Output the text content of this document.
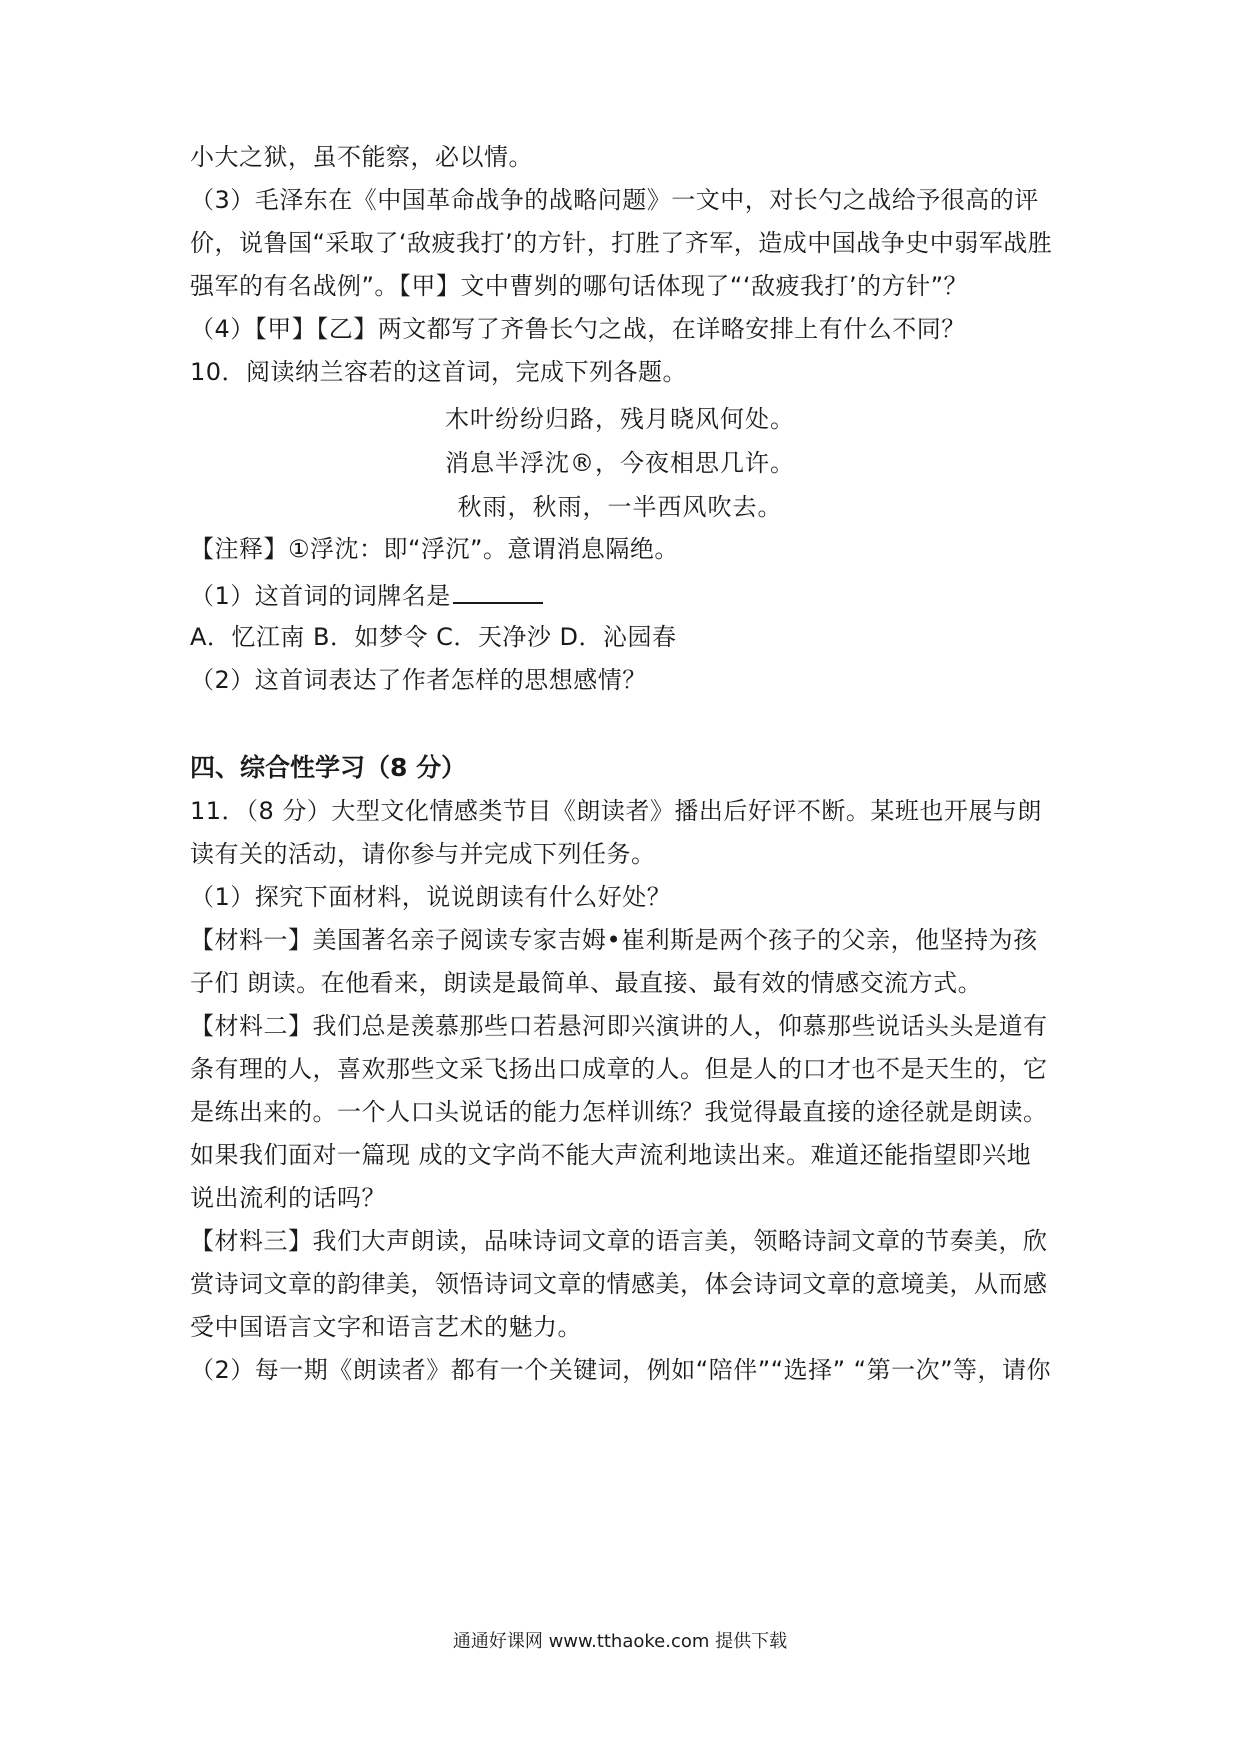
小大之狱，虽不能察，必以情。
（3）毛泽东在《中国革命战争的战略问题》一文中，对长勺之战给予很高的评
价，说鲁国“采取了‘敌疲我打’的方针，打胜了齐军，造成中国战争史中弱军战胜
强军的有名战例”。【甲】文中曹刿的哪句话体现了“‘敌疲我打’的方针”？
（4）【甲】【乙】两文都写了齐鲁长勺之战，在详略安排上有什么不同？
10．阅读纳兰容若的这首词，完成下列各题。
木叶纷纷归路，残月晓风何处。
消息半浮沈®，今夜相思几许。
秋雨，秋雨，一半西风吹去。
【注释】①浮沈：即“浮沉”。意谓消息隔绝。
（1）这首词的词牌名是
A．忆江南 B．如梦令 C．天净沙 D．沁园春
（2）这首词表达了作者怎样的思想感情？
四、综合性学习（8 分）
11．（8 分）大型文化情感类节目《朗读者》播出后好评不断。某班也开展与朗
读有关的活动，请你参与并完成下列任务。
（1）探究下面材料，说说朗读有什么好处？
【材料一】美国著名亲子阅读专家吉姆•崔利斯是两个孩子的父亲，他坚持为孩
子们 朗读。在他看来，朗读是最简单、最直接、最有效的情感交流方式。
【材料二】我们总是羡慕那些口若悬河即兴演讲的人，仰慕那些说话头头是道有
条有理的人，喜欢那些文采飞扬出口成章的人。但是人的口才也不是天生的，它
是练出来的。一个人口头说话的能力怎样训练？我觉得最直接的途径就是朗读。
如果我们面对一篇现 成的文字尚不能大声流利地读出来。难道还能指望即兴地
说出流利的话吗？
【材料三】我们大声朗读，品味诗词文章的语言美，领略诗詞文章的节奏美，欣
赏诗词文章的韵律美，领悟诗词文章的情感美，体会诗词文章的意境美，从而感
受中国语言文字和语言艺术的魅力。
（2）每一期《朗读者》都有一个关键词，例如“陪伴”“选择” “第一次”等，请你
通通好课网 www.tthaoke.com 提供下载
